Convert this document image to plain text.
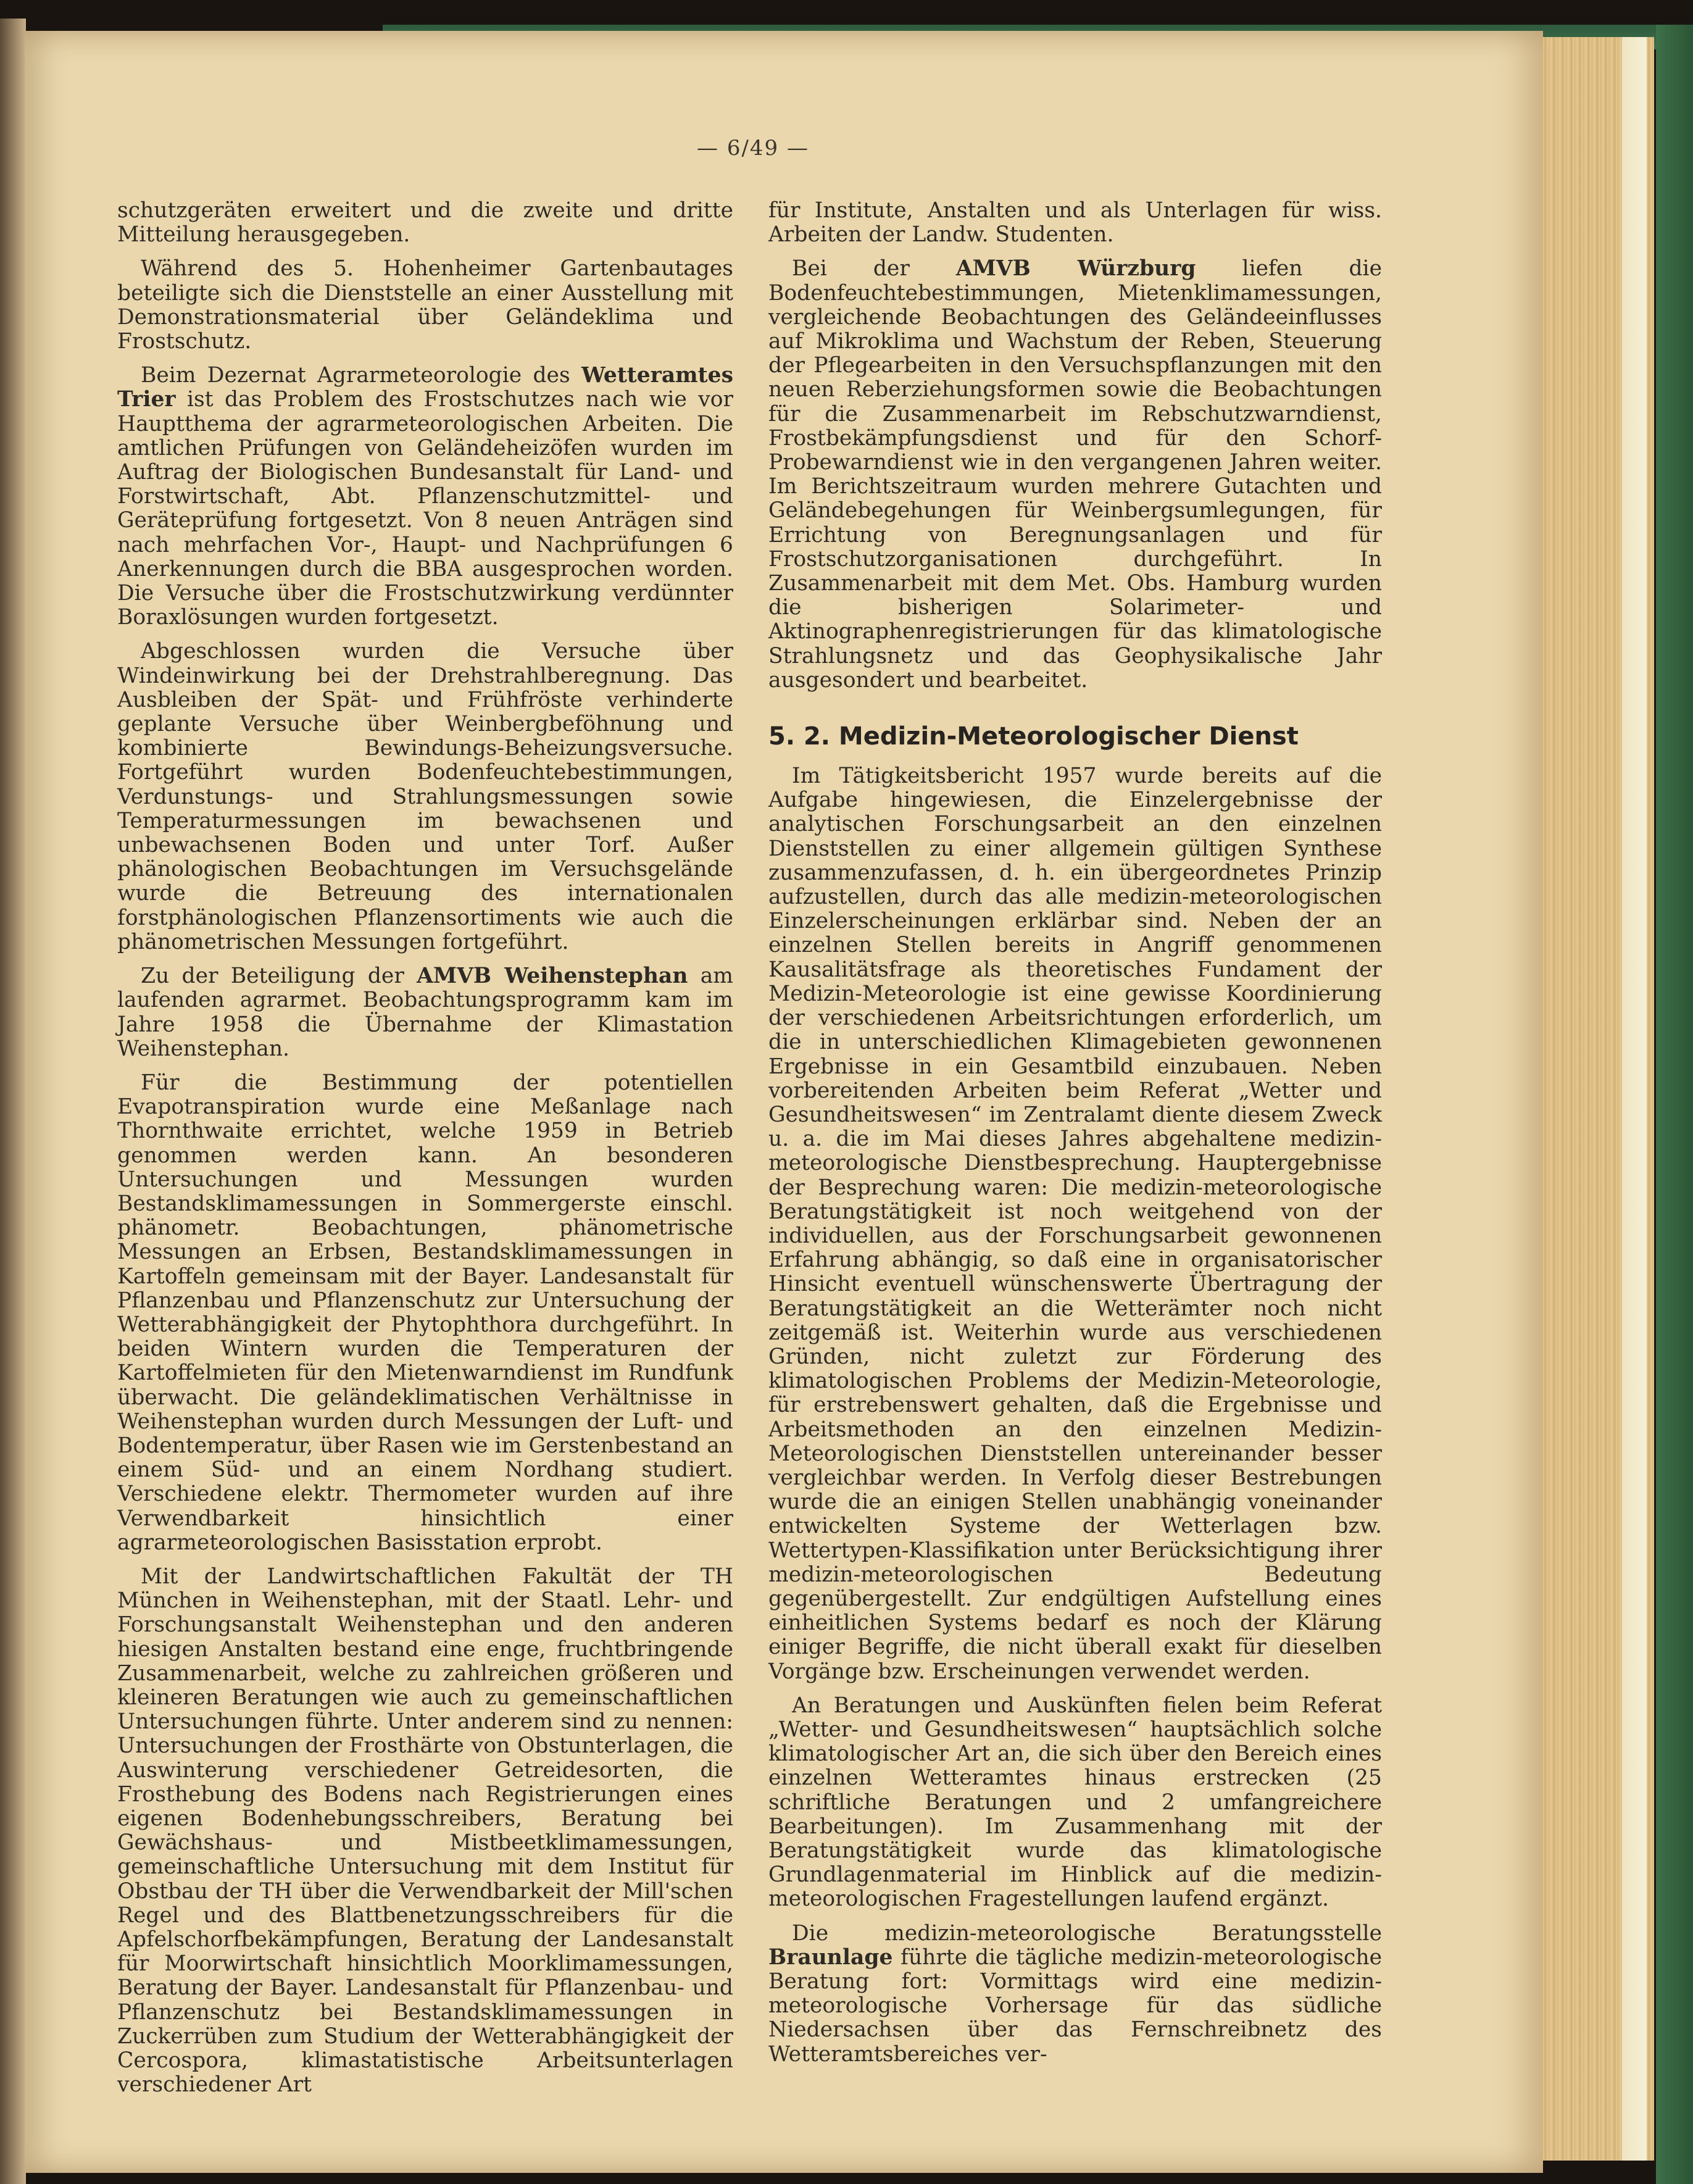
— 6/49 —

schutzgeräten erweitert und die zweite und dritte Mitteilung herausgegeben.

Während des 5. Hohenheimer Gartenbautages beteiligte sich die Dienststelle an einer Ausstellung mit Demonstrationsmaterial über Geländeklima und Frostschutz.

Beim Dezernat Agrarmeteorologie des Wetteramtes Trier ist das Problem des Frostschutzes nach wie vor Hauptthema der agrarmeteorologischen Arbeiten. Die amtlichen Prüfungen von Geländeheizöfen wurden im Auftrag der Biologischen Bundesanstalt für Land- und Forstwirtschaft, Abt. Pflanzenschutzmittel- und Geräteprüfung fortgesetzt. Von 8 neuen Anträgen sind nach mehrfachen Vor-, Haupt- und Nachprüfungen 6 Anerkennungen durch die BBA ausgesprochen worden. Die Versuche über die Frostschutzwirkung verdünnter Boraxlösungen wurden fortgesetzt.

Abgeschlossen wurden die Versuche über Windeinwirkung bei der Drehstrahlberegnung. Das Ausbleiben der Spät- und Frühfröste verhinderte geplante Versuche über Weinbergbeföhnung und kombinierte Bewindungs-Beheizungsversuche. Fortgeführt wurden Bodenfeuchtebestimmungen, Verdunstungs- und Strahlungsmessungen sowie Temperaturmessungen im bewachsenen und unbewachsenen Boden und unter Torf. Außer phänologischen Beobachtungen im Versuchsgelände wurde die Betreuung des internationalen forstphänologischen Pflanzensortiments wie auch die phänometrischen Messungen fortgeführt.

Zu der Beteiligung der AMVB Weihenstephan am laufenden agrarmet. Beobachtungsprogramm kam im Jahre 1958 die Übernahme der Klimastation Weihenstephan.

Für die Bestimmung der potentiellen Evapotranspiration wurde eine Meßanlage nach Thornthwaite errichtet, welche 1959 in Betrieb genommen werden kann. An besonderen Untersuchungen und Messungen wurden Bestandsklimamessungen in Sommergerste einschl. phänometr. Beobachtungen, phänometrische Messungen an Erbsen, Bestandsklimamessungen in Kartoffeln gemeinsam mit der Bayer. Landesanstalt für Pflanzenbau und Pflanzenschutz zur Untersuchung der Wetterabhängigkeit der Phytophthora durchgeführt. In beiden Wintern wurden die Temperaturen der Kartoffelmieten für den Mietenwarndienst im Rundfunk überwacht. Die geländeklimatischen Verhältnisse in Weihenstephan wurden durch Messungen der Luft- und Bodentemperatur, über Rasen wie im Gerstenbestand an einem Süd- und an einem Nordhang studiert. Verschiedene elektr. Thermometer wurden auf ihre Verwendbarkeit hinsichtlich einer agrarmeteorologischen Basisstation erprobt.

Mit der Landwirtschaftlichen Fakultät der TH München in Weihenstephan, mit der Staatl. Lehr- und Forschungsanstalt Weihenstephan und den anderen hiesigen Anstalten bestand eine enge, fruchtbringende Zusammenarbeit, welche zu zahlreichen größeren und kleineren Beratungen wie auch zu gemeinschaftlichen Untersuchungen führte. Unter anderem sind zu nennen: Untersuchungen der Frosthärte von Obstunterlagen, die Auswinterung verschiedener Getreidesorten, die Frosthebung des Bodens nach Registrierungen eines eigenen Bodenhebungsschreibers, Beratung bei Gewächshaus- und Mistbeetklimamessungen, gemeinschaftliche Untersuchung mit dem Institut für Obstbau der TH über die Verwendbarkeit der Mill'schen Regel und des Blattbenetzungsschreibers für die Apfelschorfbekämpfungen, Beratung der Landesanstalt für Moorwirtschaft hinsichtlich Moorklimamessungen, Beratung der Bayer. Landesanstalt für Pflanzenbau- und Pflanzenschutz bei Bestandsklimamessungen in Zuckerrüben zum Studium der Wetterabhängigkeit der Cercospora, klimastatistische Arbeitsunterlagen verschiedener Art

für Institute, Anstalten und als Unterlagen für wiss. Arbeiten der Landw. Studenten.

Bei der AMVB Würzburg liefen die Bodenfeuchtebestimmungen, Mietenklimamessungen, vergleichende Beobachtungen des Geländeeinflusses auf Mikroklima und Wachstum der Reben, Steuerung der Pflegearbeiten in den Versuchspflanzungen mit den neuen Reberziehungsformen sowie die Beobachtungen für die Zusammenarbeit im Rebschutzwarndienst, Frostbekämpfungsdienst und für den Schorf-Probewarndienst wie in den vergangenen Jahren weiter. Im Berichtszeitraum wurden mehrere Gutachten und Geländebegehungen für Weinbergsumlegungen, für Errichtung von Beregnungsanlagen und für Frostschutzorganisationen durchgeführt. In Zusammenarbeit mit dem Met. Obs. Hamburg wurden die bisherigen Solarimeter- und Aktinographenregistrierungen für das klimatologische Strahlungsnetz und das Geophysikalische Jahr ausgesondert und bearbeitet.

5. 2. Medizin-Meteorologischer Dienst

Im Tätigkeitsbericht 1957 wurde bereits auf die Aufgabe hingewiesen, die Einzelergebnisse der analytischen Forschungsarbeit an den einzelnen Dienststellen zu einer allgemein gültigen Synthese zusammenzufassen, d. h. ein übergeordnetes Prinzip aufzustellen, durch das alle medizin-meteorologischen Einzelerscheinungen erklärbar sind. Neben der an einzelnen Stellen bereits in Angriff genommenen Kausalitätsfrage als theoretisches Fundament der Medizin-Meteorologie ist eine gewisse Koordinierung der verschiedenen Arbeitsrichtungen erforderlich, um die in unterschiedlichen Klimagebieten gewonnenen Ergebnisse in ein Gesamtbild einzubauen. Neben vorbereitenden Arbeiten beim Referat „Wetter und Gesundheitswesen“ im Zentralamt diente diesem Zweck u. a. die im Mai dieses Jahres abgehaltene medizin-meteorologische Dienstbesprechung. Hauptergebnisse der Besprechung waren: Die medizin-meteorologische Beratungstätigkeit ist noch weitgehend von der individuellen, aus der Forschungsarbeit gewonnenen Erfahrung abhängig, so daß eine in organisatorischer Hinsicht eventuell wünschenswerte Übertragung der Beratungstätigkeit an die Wetterämter noch nicht zeitgemäß ist. Weiterhin wurde aus verschiedenen Gründen, nicht zuletzt zur Förderung des klimatologischen Problems der Medizin-Meteorologie, für erstrebenswert gehalten, daß die Ergebnisse und Arbeitsmethoden an den einzelnen Medizin-Meteorologischen Dienststellen untereinander besser vergleichbar werden. In Verfolg dieser Bestrebungen wurde die an einigen Stellen unabhängig voneinander entwickelten Systeme der Wetterlagen bzw. Wettertypen-Klassifikation unter Berücksichtigung ihrer medizin-meteorologischen Bedeutung gegenübergestellt. Zur endgültigen Aufstellung eines einheitlichen Systems bedarf es noch der Klärung einiger Begriffe, die nicht überall exakt für dieselben Vorgänge bzw. Erscheinungen verwendet werden.

An Beratungen und Auskünften fielen beim Referat „Wetter- und Gesundheitswesen“ hauptsächlich solche klimatologischer Art an, die sich über den Bereich eines einzelnen Wetteramtes hinaus erstrecken (25 schriftliche Beratungen und 2 umfangreichere Bearbeitungen). Im Zusammenhang mit der Beratungstätigkeit wurde das klimatologische Grundlagenmaterial im Hinblick auf die medizin-meteorologischen Fragestellungen laufend ergänzt.

Die medizin-meteorologische Beratungsstelle Braunlage führte die tägliche medizin-meteorologische Beratung fort: Vormittags wird eine medizin-meteorologische Vorhersage für das südliche Niedersachsen über das Fernschreibnetz des Wetteramtsbereiches ver-
